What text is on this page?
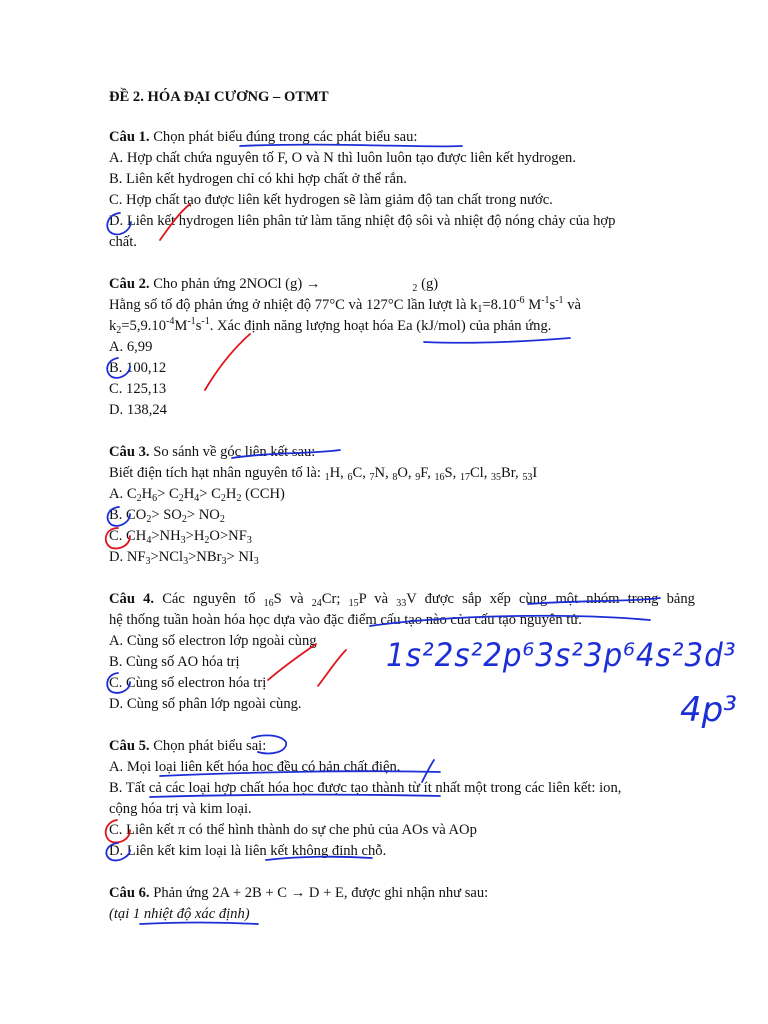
ĐỀ 2. HÓA ĐẠI CƯƠNG – OTMT
Câu 1. Chọn phát biểu đúng trong các phát biểu sau:
A. Hợp chất chứa nguyên tố F, O và N thì luôn luôn tạo được liên kết hydrogen.
B. Liên kết hydrogen chỉ có khi hợp chất ở thể rắn.
C. Hợp chất tạo được liên kết hydrogen sẽ làm giảm độ tan chất trong nước.
D. Liên kết hydrogen liên phân tử làm tăng nhiệt độ sôi và nhiệt độ nóng chảy của hợp
chất.
Câu 2. Cho phản ứng 2NOCl (g) →	$_2$ (g)
Hằng số tố độ phản ứng ở nhiệt độ 77°C và 127°C lần lượt là $k_1=8.10^{-6}$ $M^{-1}s^{-1}$ và
$k_2=5,9.10^{-4}M^{-1}s^{-1}$. Xác định năng lượng hoạt hóa Ea (kJ/mol) của phản ứng.
A. 6,99
B. 100,12
C. 125,13
D. 138,24
Câu 3. So sánh về góc liên kết sau:
Biết điện tích hạt nhân nguyên tố là: $_1$H, $_6$C, $_7$N, $_8$O, $_9$F, $_{16}$S, $_{17}$Cl, $_{35}$Br, $_{53}$I
A. $C_2H_6> C_2H_4> C_2H_2$ (CCH)
B. $CO_2> SO_2> NO_2$
C. $CH_4>NH_3>H_2O>NF_3$
D. $NF_3>NCl_3>NBr_3> NI_3$
Câu 4. Các nguyên tố $_{16}$S và $_{24}$Cr; $_{15}$P và $_{33}$V được sắp xếp cùng một nhóm trong bảng
hệ thống tuần hoàn hóa học dựa vào đặc điểm cấu tạo nào của cấu tạo nguyên tử.
A. Cùng số electron lớp ngoài cùng
B. Cùng số AO hóa trị
C. Cùng số electron hóa trị
D. Cùng số phân lớp ngoài cùng.
Câu 5. Chọn phát biểu sai:
A. Mọi loại liên kết hóa học đều có bản chất điện.
B. Tất cả các loại hợp chất hóa học được tạo thành từ ít nhất một trong các liên kết: ion,
cộng hóa trị và kim loại.
C. Liên kết π có thể hình thành do sự che phủ của AOs và AOp
D. Liên kết kim loại là liên kết không định chỗ.
Câu 6. Phản ứng 2A + 2B + C → D + E, được ghi nhận như sau:
(tại 1 nhiệt độ xác định)
1s²2s²2p⁶3s²3p⁶4s²3d³
4p³
